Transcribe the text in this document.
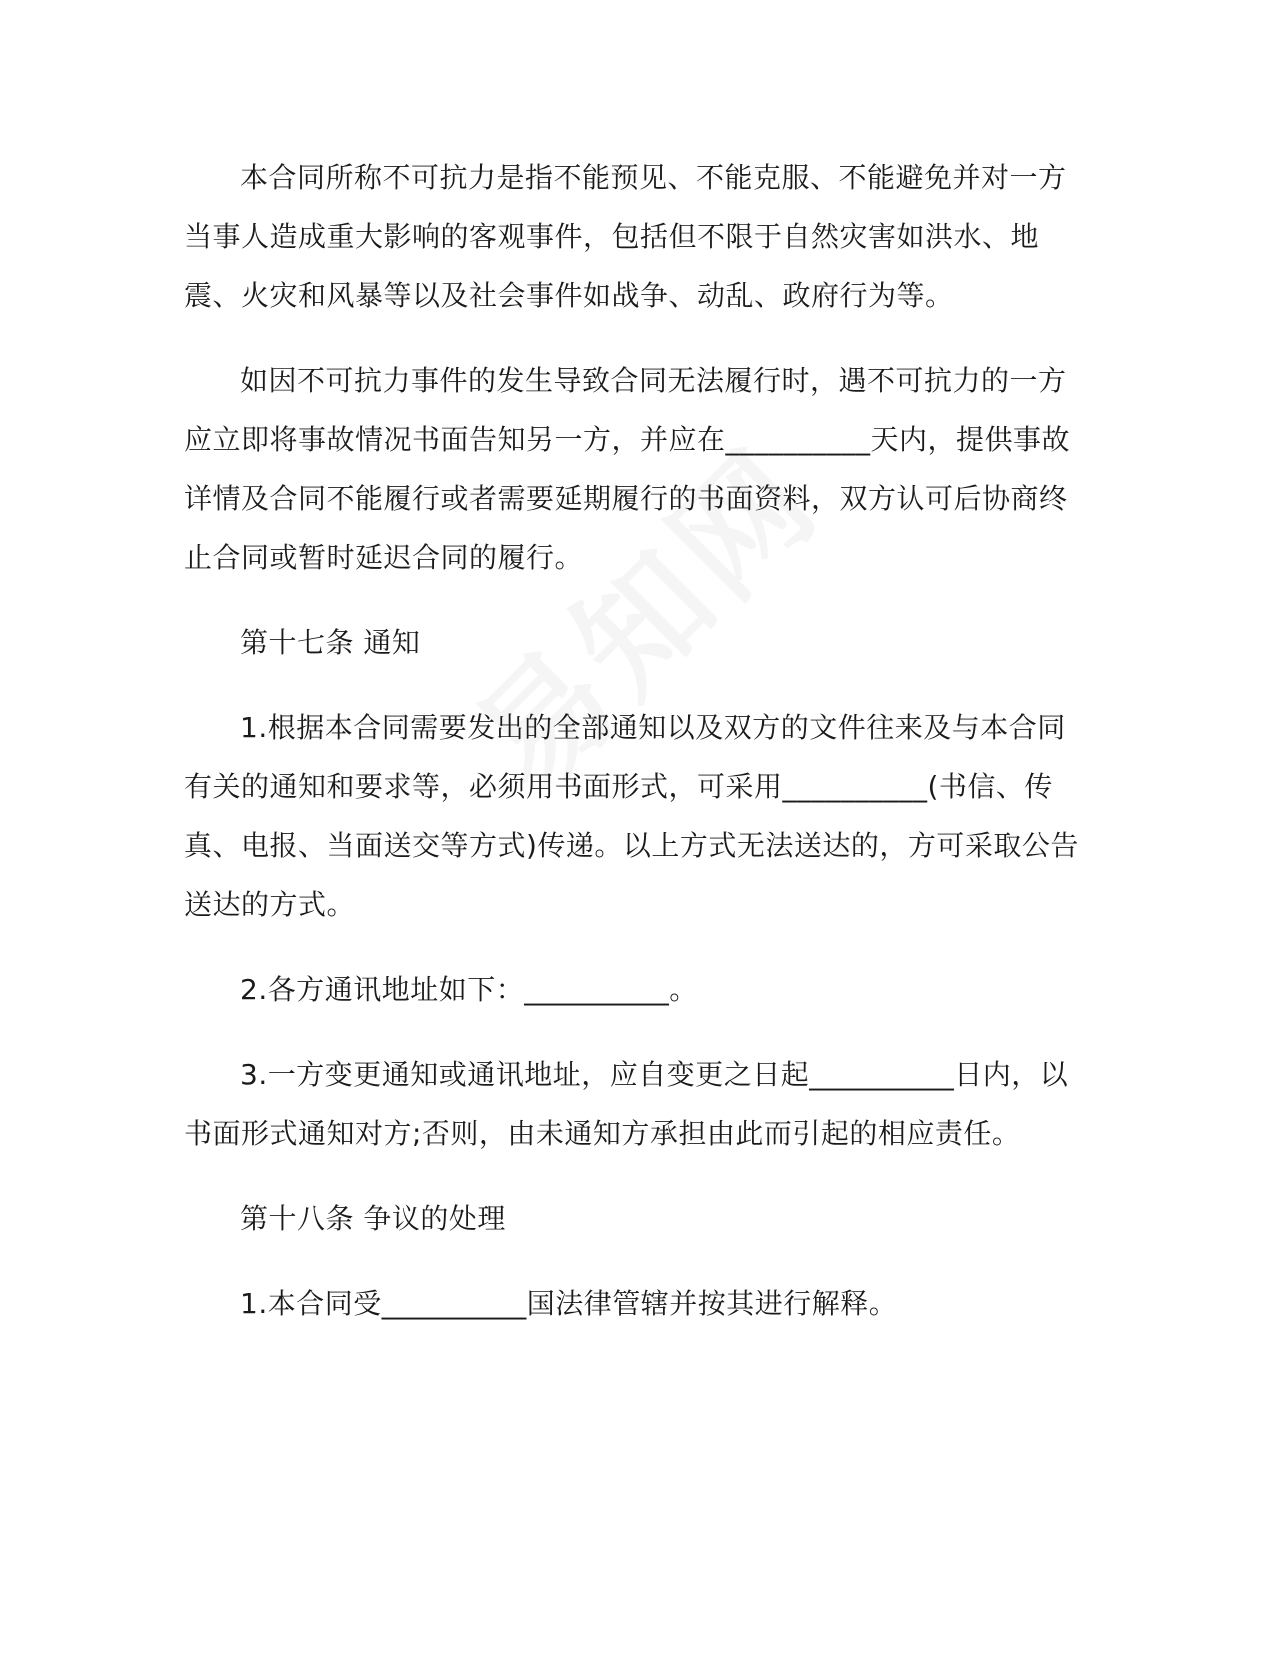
本合同所称不可抗力是指不能预见、不能克服、不能避免并对一方当事人造成重大影响的客观事件，包括但不限于自然灾害如洪水、地震、火灾和风暴等以及社会事件如战争、动乱、政府行为等。

如因不可抗力事件的发生导致合同无法履行时，遇不可抗力的一方应立即将事故情况书面告知另一方，并应在__________天内，提供事故详情及合同不能履行或者需要延期履行的书面资料，双方认可后协商终止合同或暂时延迟合同的履行。

第十七条 通知

1.根据本合同需要发出的全部通知以及双方的文件往来及与本合同有关的通知和要求等，必须用书面形式，可采用__________(书信、传真、电报、当面送交等方式)传递。以上方式无法送达的，方可采取公告送达的方式。

2.各方通讯地址如下：__________。

3.一方变更通知或通讯地址，应自变更之日起__________日内，以书面形式通知对方;否则，由未通知方承担由此而引起的相应责任。

第十八条 争议的处理

1.本合同受__________国法律管辖并按其进行解释。
